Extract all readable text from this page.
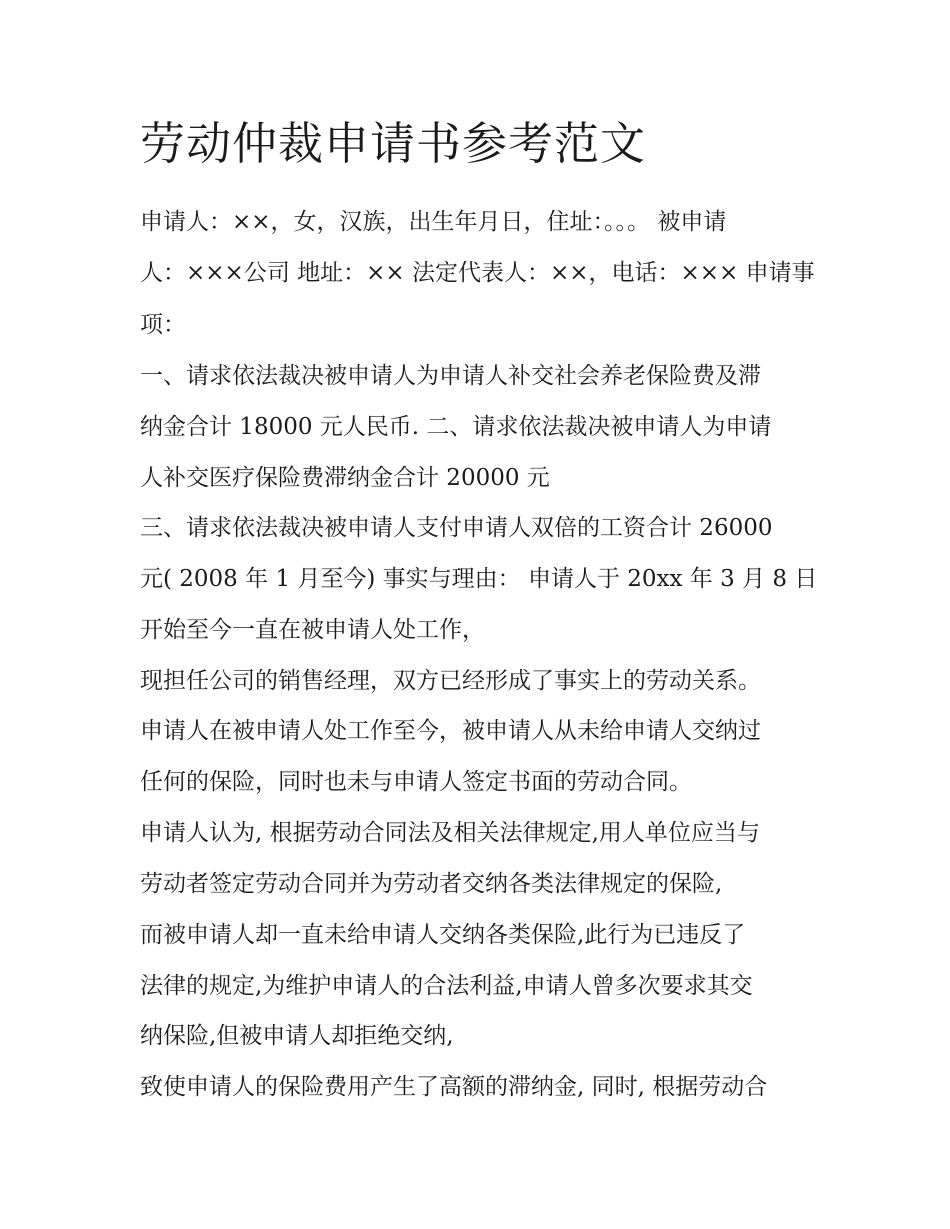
劳动仲裁申请书参考范文

申请人：××，女，汉族，出生年月日，住址：。。。 被申请

人：×××公司 地址：×× 法定代表人：××，电话：××× 申请事

项：

一、请求依法裁决被申请人为申请人补交社会养老保险费及滞

纳金合计 18000 元人民币. 二、请求依法裁决被申请人为申请

人补交医疗保险费滞纳金合计 20000 元

三、请求依法裁决被申请人支付申请人双倍的工资合计 26000

元( 2008 年 1 月至今) 事实与理由： 申请人于 20xx 年 3 月 8 日

开始至今一直在被申请人处工作，

现担任公司的销售经理，双方已经形成了事实上的劳动关系。

申请人在被申请人处工作至今，被申请人从未给申请人交纳过

任何的保险，同时也未与申请人签定书面的劳动合同。

申请人认为, 根据劳动合同法及相关法律规定,用人单位应当与

劳动者签定劳动合同并为劳动者交纳各类法律规定的保险,

而被申请人却一直未给申请人交纳各类保险,此行为已违反了

法律的规定,为维护申请人的合法利益,申请人曾多次要求其交

纳保险,但被申请人却拒绝交纳,

致使申请人的保险费用产生了高额的滞纳金, 同时, 根据劳动合
